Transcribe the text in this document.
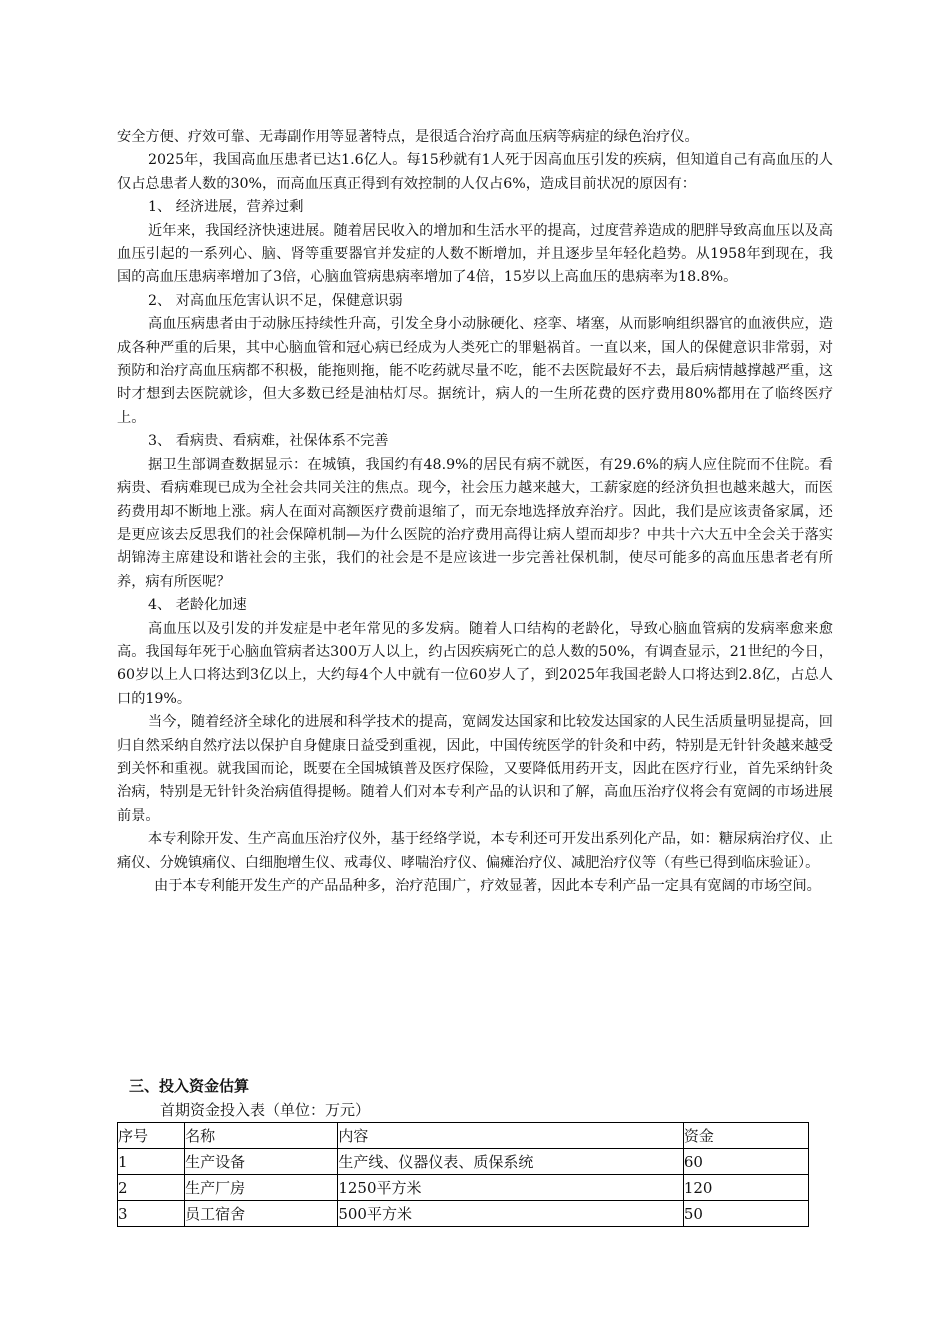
安全方便、疗效可靠、无毒副作用等显著特点，是很适合治疗高血压病等病症的绿色治疗仪。

2025年，我国高血压患者已达1.6亿人。每15秒就有1人死于因高血压引发的疾病，但知道自己有高血压的人仅占总患者人数的30%，而高血压真正得到有效控制的人仅占6%，造成目前状况的原因有：

1、 经济进展，营养过剩

近年来，我国经济快速进展。随着居民收入的增加和生活水平的提高，过度营养造成的肥胖导致高血压以及高血压引起的一系列心、脑、肾等重要器官并发症的人数不断增加，并且逐步呈年轻化趋势。从1958年到现在，我国的高血压患病率增加了3倍，心脑血管病患病率增加了4倍，15岁以上高血压的患病率为18.8%。

2、 对高血压危害认识不足，保健意识弱

高血压病患者由于动脉压持续性升高，引发全身小动脉硬化、痉挛、堵塞，从而影响组织器官的血液供应，造成各种严重的后果，其中心脑血管和冠心病已经成为人类死亡的罪魁祸首。一直以来，国人的保健意识非常弱，对预防和治疗高血压病都不积极，能拖则拖，能不吃药就尽量不吃，能不去医院最好不去，最后病情越撑越严重，这时才想到去医院就诊，但大多数已经是油枯灯尽。据统计，病人的一生所花费的医疗费用80%都用在了临终医疗上。

3、 看病贵、看病难，社保体系不完善

据卫生部调查数据显示：在城镇，我国约有48.9%的居民有病不就医，有29.6%的病人应住院而不住院。看病贵、看病难现已成为全社会共同关注的焦点。现今，社会压力越来越大，工薪家庭的经济负担也越来越大，而医药费用却不断地上涨。病人在面对高额医疗费前退缩了，而无奈地选择放弃治疗。因此，我们是应该责备家属，还是更应该去反思我们的社会保障机制—为什么医院的治疗费用高得让病人望而却步？中共十六大五中全会关于落实胡锦涛主席建设和谐社会的主张，我们的社会是不是应该进一步完善社保机制，使尽可能多的高血压患者老有所养，病有所医呢？

4、 老龄化加速

高血压以及引发的并发症是中老年常见的多发病。随着人口结构的老龄化，导致心脑血管病的发病率愈来愈高。我国每年死于心脑血管病者达300万人以上，约占因疾病死亡的总人数的50%，有调查显示，21世纪的今日，60岁以上人口将达到3亿以上，大约每4个人中就有一位60岁人了，到2025年我国老龄人口将达到2.8亿，占总人口的19%。

当今，随着经济全球化的进展和科学技术的提高，宽阔发达国家和比较发达国家的人民生活质量明显提高，回归自然采纳自然疗法以保护自身健康日益受到重视，因此，中国传统医学的针灸和中药，特别是无针针灸越来越受到关怀和重视。就我国而论，既要在全国城镇普及医疗保险，又要降低用药开支，因此在医疗行业，首先采纳针灸治病，特别是无针针灸治病值得提畅。随着人们对本专利产品的认识和了解，高血压治疗仪将会有宽阔的市场进展前景。

本专利除开发、生产高血压治疗仪外，基于经络学说，本专利还可开发出系列化产品，如：糖尿病治疗仪、止痛仪、分娩镇痛仪、白细胞增生仪、戒毒仪、哮喘治疗仪、偏瘫治疗仪、减肥治疗仪等（有些已得到临床验证）。

由于本专利能开发生产的产品品种多，治疗范围广，疗效显著，因此本专利产品一定具有宽阔的市场空间。

三、投入资金估算
首期资金投入表（单位：万元）
序号	名称	内容	资金
1	生产设备	生产线、仪器仪表、质保系统	60
2	生产厂房	1250平方米	120
3	员工宿舍	500平方米	50
